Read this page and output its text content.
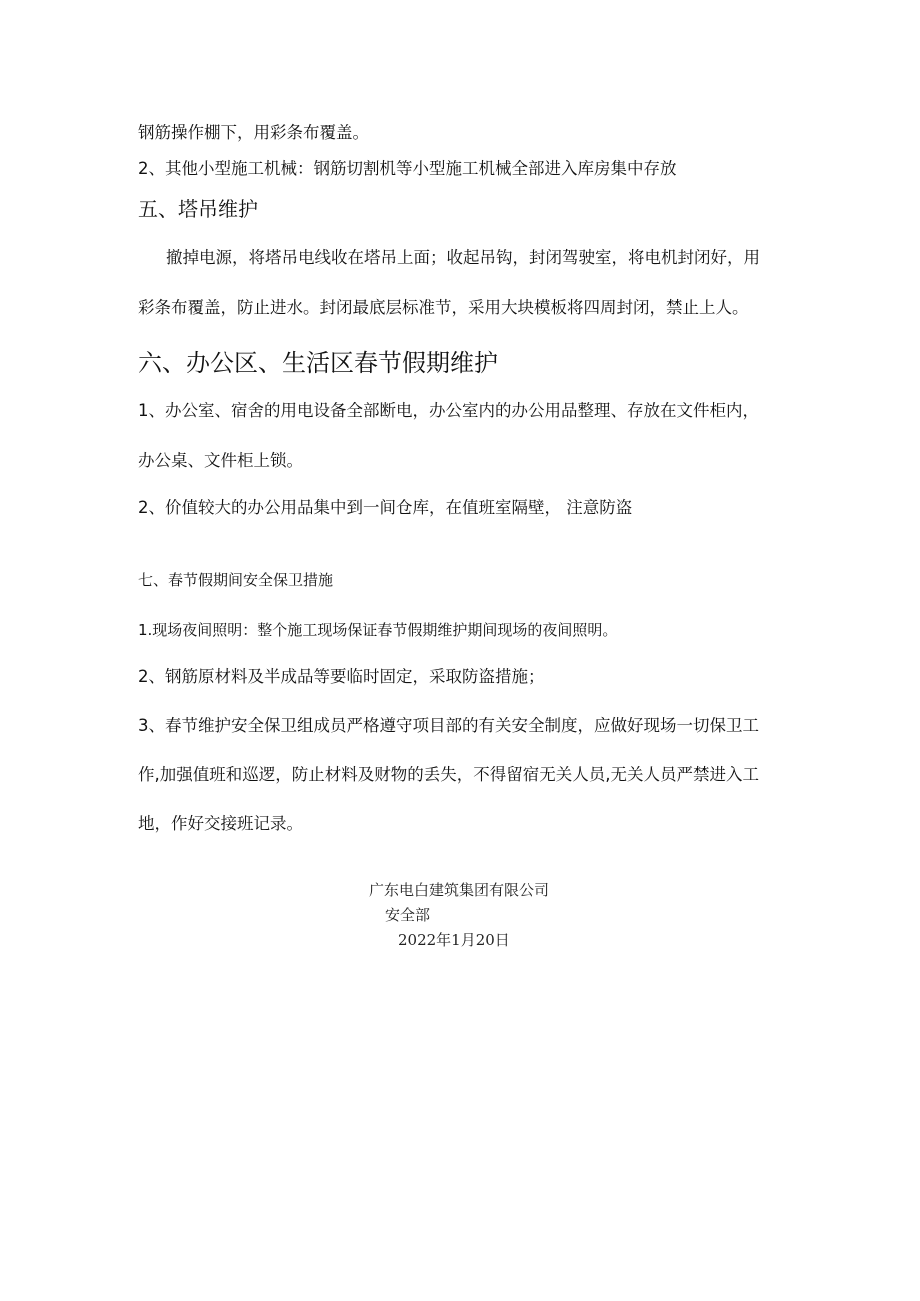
钢筋操作棚下，用彩条布覆盖。
2、其他小型施工机械：钢筋切割机等小型施工机械全部进入库房集中存放
五、塔吊维护
撤掉电源，将塔吊电线收在塔吊上面；收起吊钩，封闭驾驶室，将电机封闭好，用
彩条布覆盖，防止进水。封闭最底层标准节，采用大块模板将四周封闭，禁止上人。
六、办公区、生活区春节假期维护
1、办公室、宿舍的用电设备全部断电，办公室内的办公用品整理、存放在文件柜内，
办公桌、文件柜上锁。
2、价值较大的办公用品集中到一间仓库，在值班室隔壁， 注意防盗
七、春节假期间安全保卫措施
1.现场夜间照明：整个施工现场保证春节假期维护期间现场的夜间照明。
2、钢筋原材料及半成品等要临时固定，采取防盗措施；
3、春节维护安全保卫组成员严格遵守项目部的有关安全制度，应做好现场一切保卫工
作,加强值班和巡逻，防止材料及财物的丢失，不得留宿无关人员,无关人员严禁进入工
地，作好交接班记录。
广东电白建筑集团有限公司
安全部
2022年1月20日
